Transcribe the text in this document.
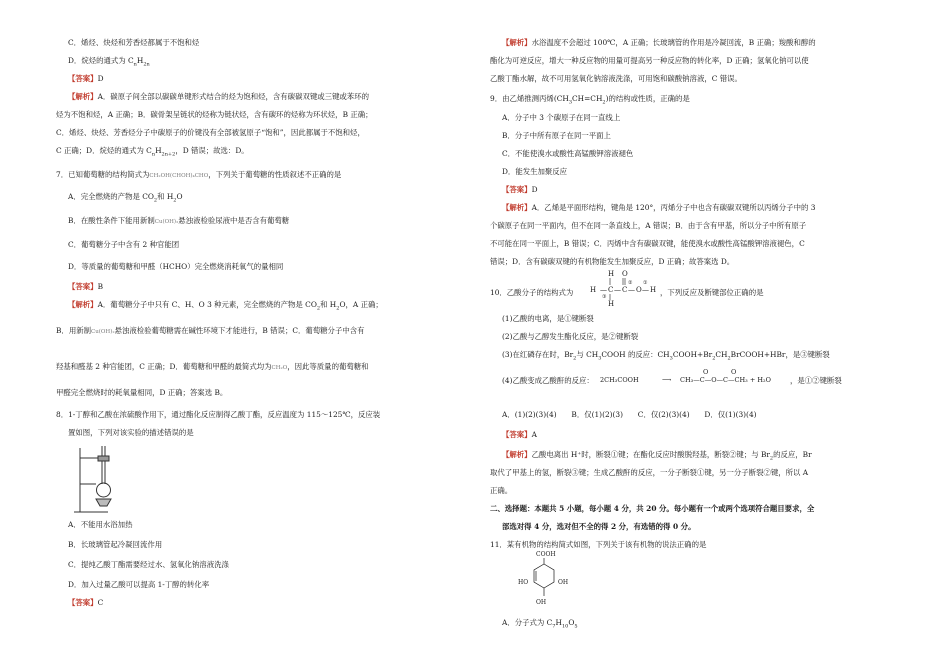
C．烯烃、炔烃和芳香烃都属于不饱和烃
D．烷烃的通式为 $C_nH_{2n}$
【答案】D
【解析】A．碳原子间全部以碳碳单键形式结合的烃为饱和烃，含有碳碳双键或三键或苯环的
烃为不饱和烃，A 正确；B．碳骨架呈链状的烃称为链状烃，含有碳环的烃称为环状烃，B 正确；
C．烯烃、炔烃、芳香烃分子中碳原子的价键没有全部被氢原子“饱和”，因此都属于不饱和烃，
C 正确；D．烷烃的通式为 $C_nH_{2n+2}$，D 错误；故选：D。
7．已知葡萄糖的结构简式为CH₂OH(CHOH)₄CHO，下列关于葡萄糖的性质叙述不正确的是
A．完全燃烧的产物是 $CO_2$和 $H_2O$
B．在酸性条件下能用新制Cu(OH)₂悬浊液检验尿液中是否含有葡萄糖
C．葡萄糖分子中含有 2 种官能团
D．等质量的葡萄糖和甲醛（HCHO）完全燃烧消耗氧气的量相同
【答案】B
【解析】A．葡萄糖分子中只有 C、H、O 3 种元素，完全燃烧的产物是 $CO_2$和 $H_2O$，A 正确；
B．用新制Cu(OH)₂悬浊液检验葡萄糖需在碱性环境下才能进行，B 错误；C．葡萄糖分子中含有
羟基和醛基 2 种官能团，C 正确；D．葡萄糖和甲醛的最简式均为CH₂O，因此等质量的葡萄糖和
甲醛完全燃烧时的耗氧量相同，D 正确；答案选 B。
8．1-丁醇和乙酸在浓硫酸作用下，通过酯化反应制得乙酸丁酯，反应温度为 115～125℃，反应装
置如图，下列对该实验的描述错误的是
A．不能用水浴加热
B．长玻璃管起冷凝回流作用
C．提纯乙酸丁酯需要经过水、氢氧化钠溶液洗涤
D．加入过量乙酸可以提高 1-丁醇的转化率
【答案】C
【解析】水浴温度不会超过 100℃，A 正确；长玻璃管的作用是冷凝回流，B 正确；羧酸和醇的
酯化为可逆反应，增大一种反应物的用量可提高另一种反应物的转化率，D 正确；氢氧化钠可以使
乙酸丁酯水解，故不可用氢氧化钠溶液洗涤，可用饱和碳酸钠溶液，C 错误。
9．由乙烯推测丙烯$(CH_3CH=CH_2)$的结构或性质，正确的是
A．分子中 3 个碳原子在同一直线上
B．分子中所有原子在同一平面上
C．不能使溴水或酸性高锰酸钾溶液褪色
D．能发生加聚反应
【答案】D
【解析】A．乙烯是平面形结构，键角是 120°，丙烯分子中也含有碳碳双键所以丙烯分子中的 3
个碳原子在同一平面内，但不在同一条直线上，A 错误；B．由于含有甲基，所以分子中所有原子
不可能在同一平面上，B 错误；C．丙烯中含有碳碳双键，能使溴水或酸性高锰酸钾溶液褪色，C
错误；D．含有碳碳双键的有机物能发生加聚反应，D 正确；故答案选 D。
10．乙酸分子的结构式为 H — C
H
H
— C
O
— O — H
② ①
③	，下列反应及断键部位正确的是
(1)乙酸的电离，是①键断裂
(2)乙酸与乙醇发生酯化反应，是②键断裂
(3)在红磷存在时，$Br_2$与 $CH_3COOH$ 的反应：$CH_3COOH+Br_2CH_2BrCOOH+HBr$，是③键断裂
(4)乙酸变成乙酸酐的反应： 2CH₃COOH	⟶ CH₃—C—O—C—CH₃ + H₂O
O	O
，是①②键断裂
A．(1)(2)(3)(4)　　B．仅(1)(2)(3)　　C．仅(2)(3)(4)　　D．仅(1)(3)(4)
【答案】A
【解析】乙酸电离出 H⁺时，断裂①键；在酯化反应时酸脱羟基，断裂②键；与 $Br_2$的反应，Br
取代了甲基上的氢，断裂③键；生成乙酸酐的反应，一分子断裂①键，另一分子断裂②键，所以 A
正确。
二、选择题：本题共 5 小题，每小题 4 分，共 20 分。每小题有一个或两个选项符合题目要求，全
部选对得 4 分，选对但不全的得 2 分，有选错的得 0 分。
11．某有机物的结构简式如图，下列关于该有机物的说法正确的是
COOH
HO	OH
OH
A．分子式为 $C_7H_{10}O_5$
